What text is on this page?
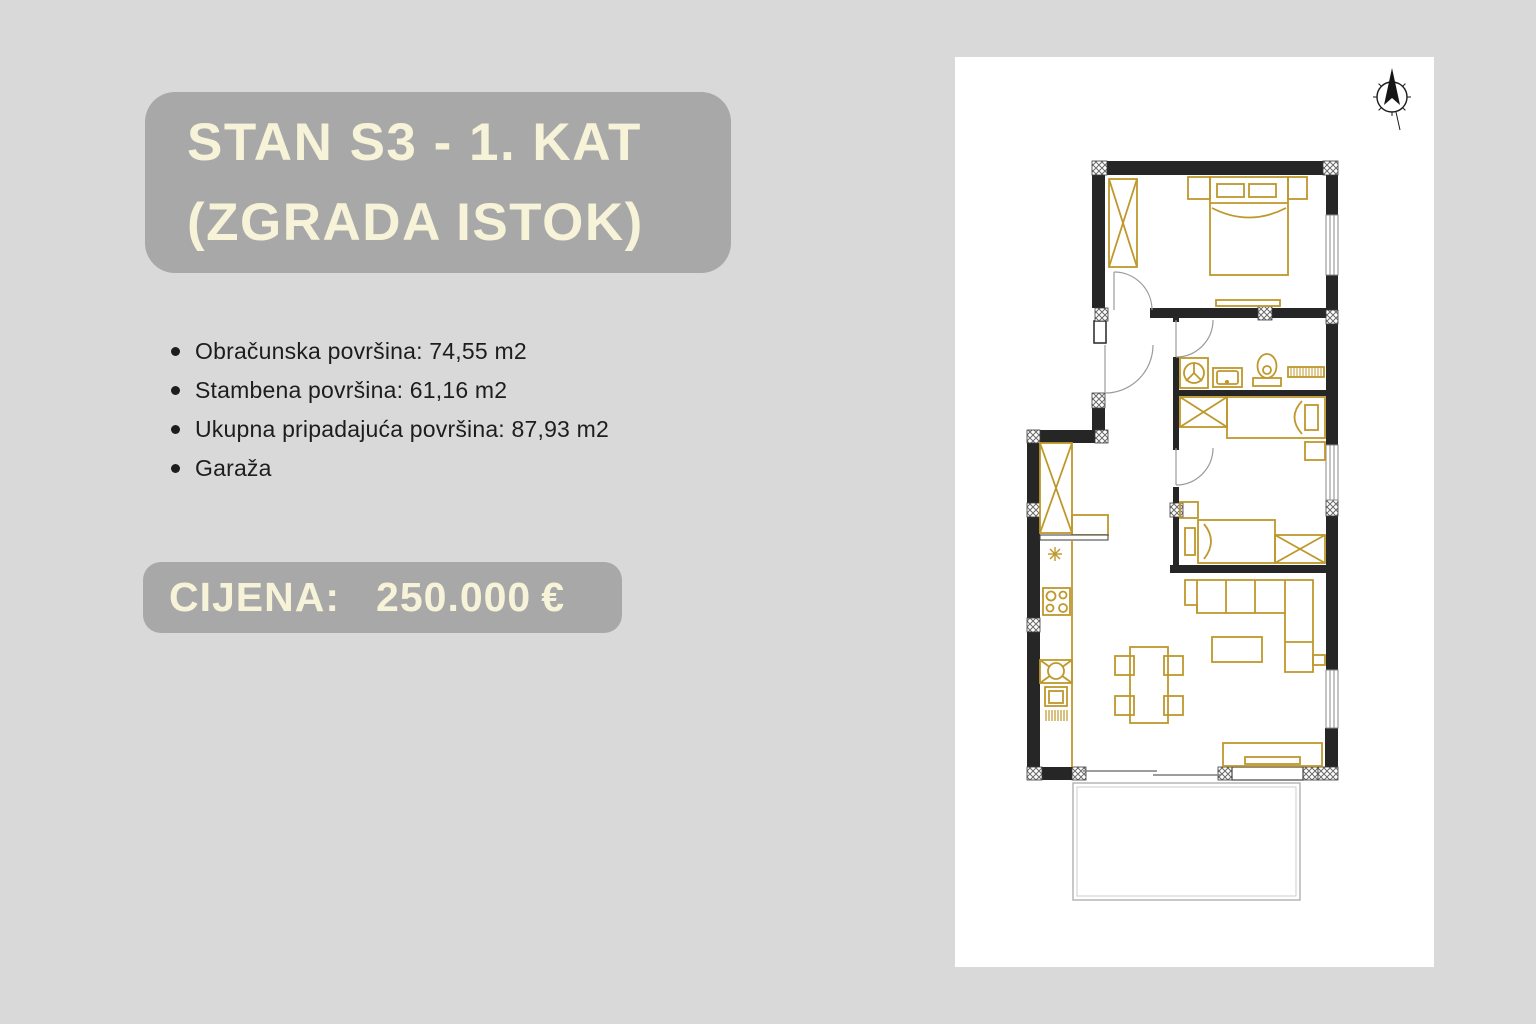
STAN S3 - 1. KAT
(ZGRADA ISTOK)
Obračunska površina: 74,55 m2
Stambena površina: 61,16 m2
Ukupna pripadajuća površina: 87,93 m2
Garaža
CIJENA: 250.000 €
